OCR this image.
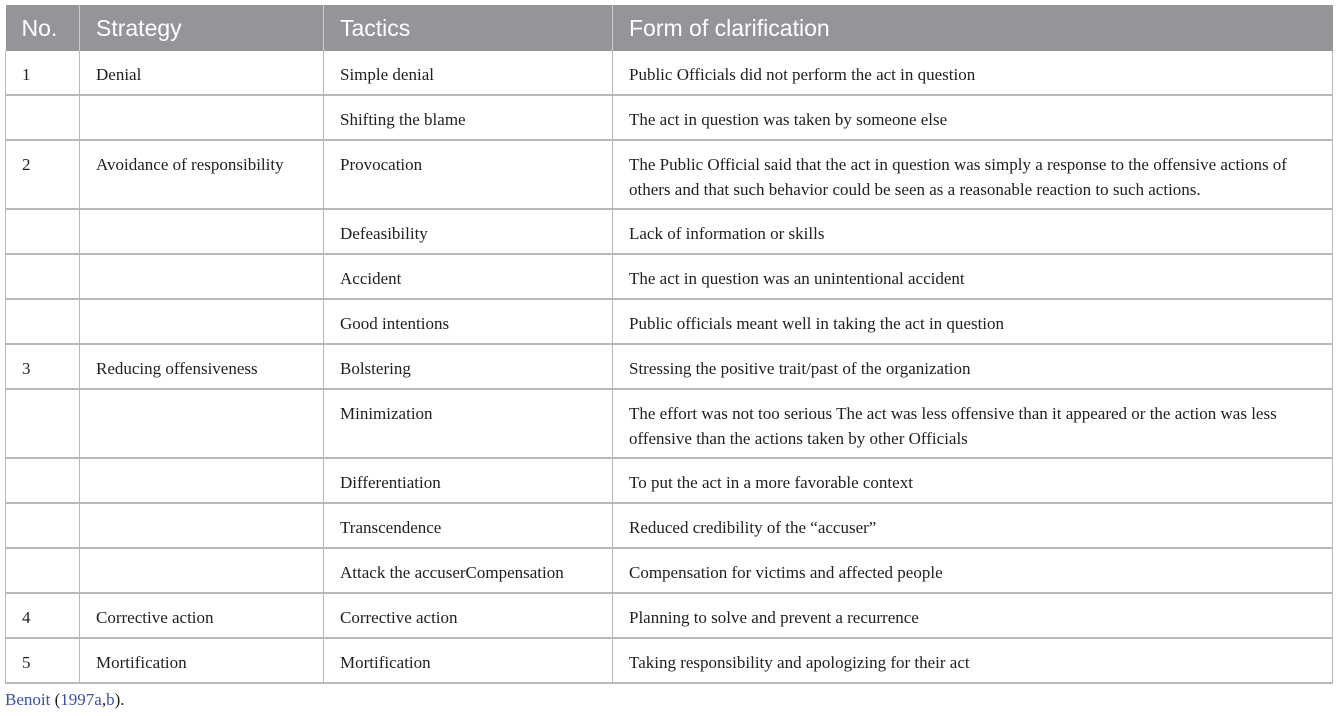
No.	Strategy	Tactics	Form of clarification
1	Denial	Simple denial	Public Officials did not perform the act in question
		Shifting the blame	The act in question was taken by someone else
2	Avoidance of responsibility	Provocation	The Public Official said that the act in question was simply a response to the offensive actions of others and that such behavior could be seen as a reasonable reaction to such actions.
		Defeasibility	Lack of information or skills
		Accident	The act in question was an unintentional accident
		Good intentions	Public officials meant well in taking the act in question
3	Reducing offensiveness	Bolstering	Stressing the positive trait/past of the organization
		Minimization	The effort was not too serious The act was less offensive than it appeared or the action was less offensive than the actions taken by other Officials
		Differentiation	To put the act in a more favorable context
		Transcendence	Reduced credibility of the “accuser”
		Attack the accuserCompensation	Compensation for victims and affected people
4	Corrective action	Corrective action	Planning to solve and prevent a recurrence
5	Mortification	Mortification	Taking responsibility and apologizing for their act
Benoit (1997a,b).
